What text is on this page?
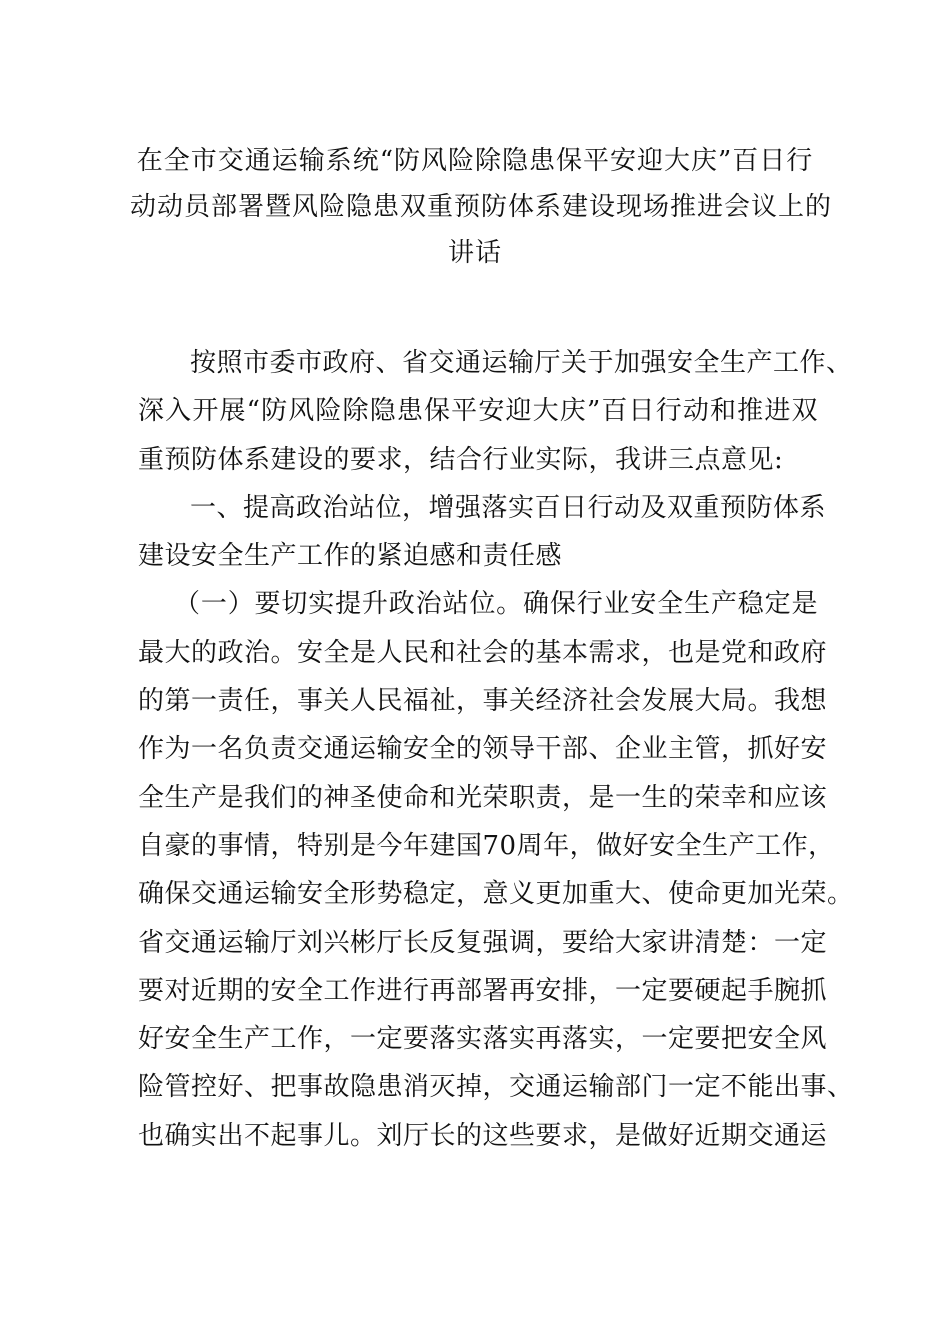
在全市交通运输系统“防风险除隐患保平安迎大庆”百日行
动动员部署暨风险隐患双重预防体系建设现场推进会议上的
讲话
按照市委市政府、省交通运输厅关于加强安全生产工作、
深入开展“防风险除隐患保平安迎大庆”百日行动和推进双
重预防体系建设的要求，结合行业实际，我讲三点意见:
一、提高政治站位，增强落实百日行动及双重预防体系
建设安全生产工作的紧迫感和责任感
（一）要切实提升政治站位。确保行业安全生产稳定是
最大的政治。安全是人民和社会的基本需求，也是党和政府
的第一责任，事关人民福祉，事关经济社会发展大局。我想
作为一名负责交通运输安全的领导干部、企业主管，抓好安
全生产是我们的神圣使命和光荣职责，是一生的荣幸和应该
自豪的事情，特别是今年建国70周年，做好安全生产工作，
确保交通运输安全形势稳定，意义更加重大、使命更加光荣。
省交通运输厅刘兴彬厅长反复强调，要给大家讲清楚：一定
要对近期的安全工作进行再部署再安排，一定要硬起手腕抓
好安全生产工作，一定要落实落实再落实，一定要把安全风
险管控好、把事故隐患消灭掉，交通运输部门一定不能出事、
也确实出不起事儿。刘厅长的这些要求，是做好近期交通运
